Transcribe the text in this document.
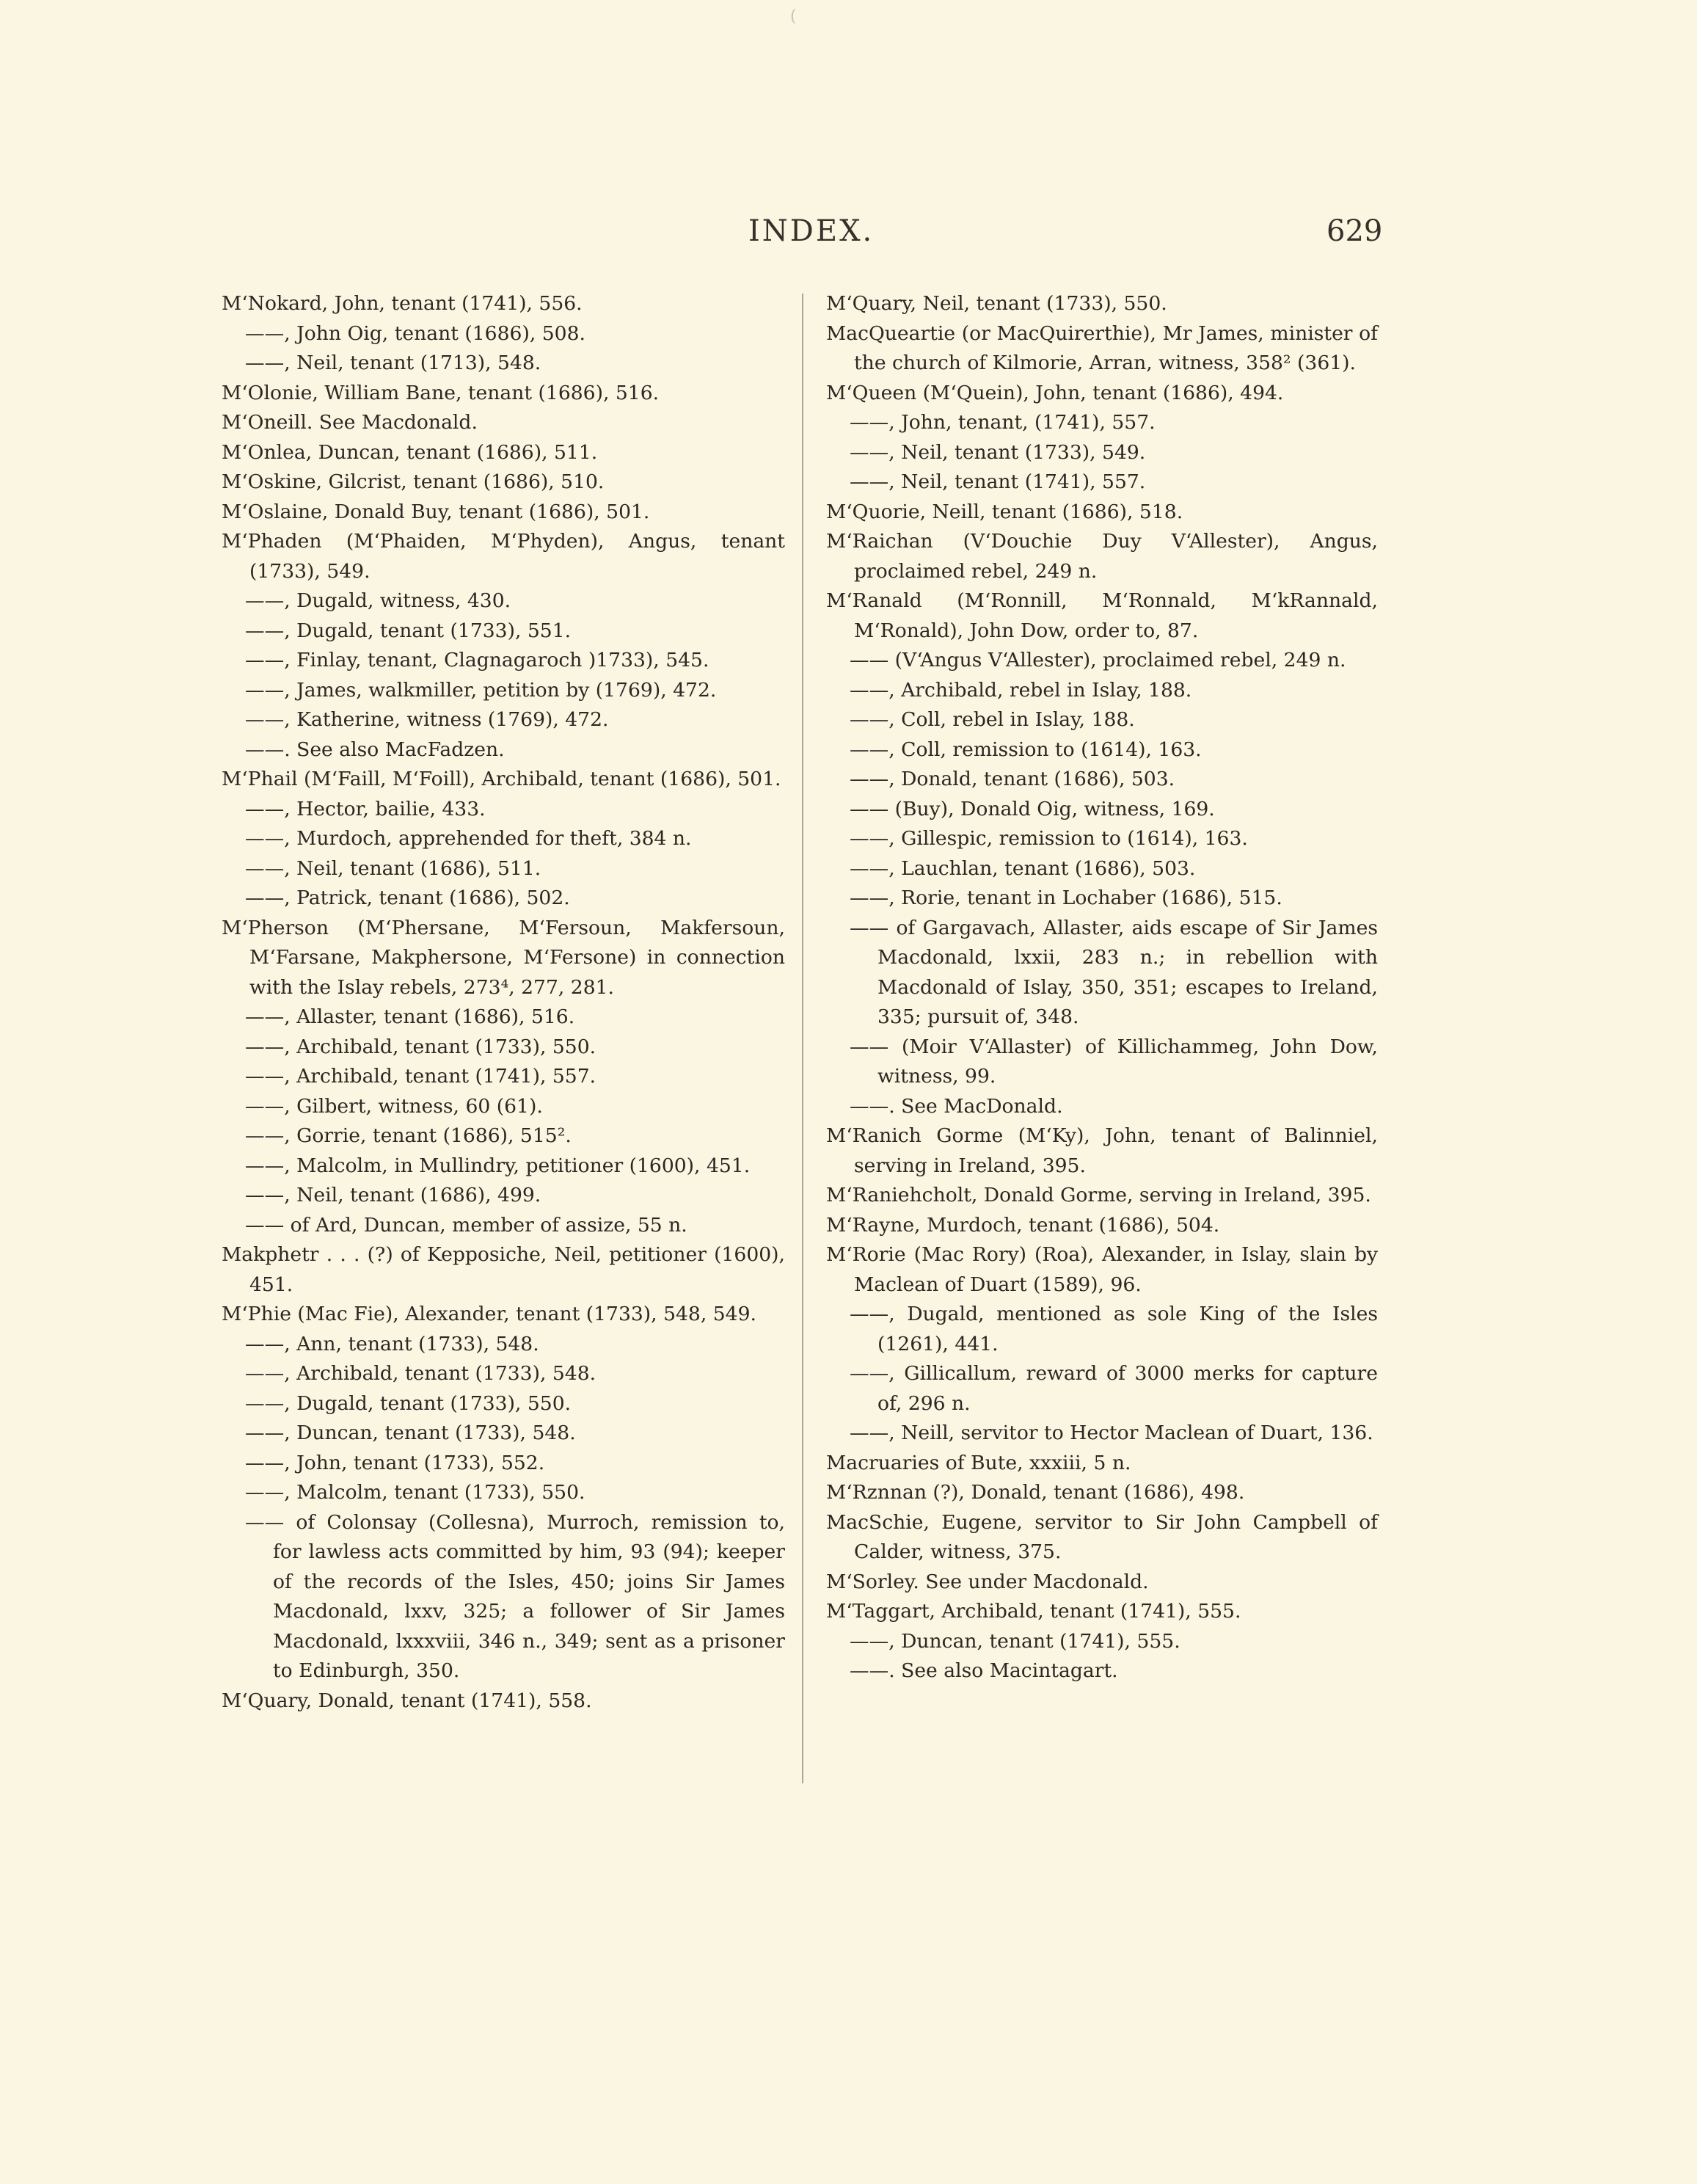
(
INDEX.	629

M‘Nokard, John, tenant (1741), 556.

——, John Oig, tenant (1686), 508.

——, Neil, tenant (1713), 548.

M‘Olonie, William Bane, tenant (1686), 516.

M‘Oneill. See Macdonald.

M‘Onlea, Duncan, tenant (1686), 511.

M‘Oskine, Gilcrist, tenant (1686), 510.

M‘Oslaine, Donald Buy, tenant (1686), 501.

M‘Phaden (M‘Phaiden, M‘Phyden), Angus, tenant (1733), 549.

——, Dugald, witness, 430.

——, Dugald, tenant (1733), 551.

——, Finlay, tenant, Clagnagaroch )1733), 545.

——, James, walkmiller, petition by (1769), 472.

——, Katherine, witness (1769), 472.

——. See also MacFadzen.

M‘Phail (M‘Faill, M‘Foill), Archibald, tenant (1686), 501.

——, Hector, bailie, 433.

——, Murdoch, apprehended for theft, 384 n.

——, Neil, tenant (1686), 511.

——, Patrick, tenant (1686), 502.

M‘Pherson (M‘Phersane, M‘Fersoun, Makfersoun, M‘Farsane, Makphersone, M‘Fersone) in connection with the Islay rebels, 273⁴, 277, 281.

——, Allaster, tenant (1686), 516.

——, Archibald, tenant (1733), 550.

——, Archibald, tenant (1741), 557.

——, Gilbert, witness, 60 (61).

——, Gorrie, tenant (1686), 515².

——, Malcolm, in Mullindry, petitioner (1600), 451.

——, Neil, tenant (1686), 499.

—— of Ard, Duncan, member of assize, 55 n.

Makphetr . . . (?) of Kepposiche, Neil, petitioner (1600), 451.

M‘Phie (Mac Fie), Alexander, tenant (1733), 548, 549.

——, Ann, tenant (1733), 548.

——, Archibald, tenant (1733), 548.

——, Dugald, tenant (1733), 550.

——, Duncan, tenant (1733), 548.

——, John, tenant (1733), 552.

——, Malcolm, tenant (1733), 550.

—— of Colonsay (Collesna), Murroch, remission to, for lawless acts committed by him, 93 (94); keeper of the records of the Isles, 450; joins Sir James Macdonald, lxxv, 325; a follower of Sir James Macdonald, lxxxviii, 346 n., 349; sent as a prisoner to Edinburgh, 350.

M‘Quary, Donald, tenant (1741), 558.

M‘Quary, Neil, tenant (1733), 550.

MacQueartie (or MacQuirerthie), Mr James, minister of the church of Kilmorie, Arran, witness, 358² (361).

M‘Queen (M‘Quein), John, tenant (1686), 494.

——, John, tenant, (1741), 557.

——, Neil, tenant (1733), 549.

——, Neil, tenant (1741), 557.

M‘Quorie, Neill, tenant (1686), 518.

M‘Raichan (V‘Douchie Duy V‘Allester), Angus, proclaimed rebel, 249 n.

M‘Ranald (M‘Ronnill, M‘Ronnald, M‘kRannald, M‘Ronald), John Dow, order to, 87.

—— (V‘Angus V‘Allester), proclaimed rebel, 249 n.

——, Archibald, rebel in Islay, 188.

——, Coll, rebel in Islay, 188.

——, Coll, remission to (1614), 163.

——, Donald, tenant (1686), 503.

—— (Buy), Donald Oig, witness, 169.

——, Gillespic, remission to (1614), 163.

——, Lauchlan, tenant (1686), 503.

——, Rorie, tenant in Lochaber (1686), 515.

—— of Gargavach, Allaster, aids escape of Sir James Macdonald, lxxii, 283 n.; in rebellion with Macdonald of Islay, 350, 351; escapes to Ireland, 335; pursuit of, 348.

—— (Moir V‘Allaster) of Killichammeg, John Dow, witness, 99.

——. See MacDonald.

M‘Ranich Gorme (M‘Ky), John, tenant of Balinniel, serving in Ireland, 395.

M‘Raniehcholt, Donald Gorme, serving in Ireland, 395.

M‘Rayne, Murdoch, tenant (1686), 504.

M‘Rorie (Mac Rory) (Roa), Alexander, in Islay, slain by Maclean of Duart (1589), 96.

——, Dugald, mentioned as sole King of the Isles (1261), 441.

——, Gillicallum, reward of 3000 merks for capture of, 296 n.

——, Neill, servitor to Hector Maclean of Duart, 136.

Macruaries of Bute, xxxiii, 5 n.

M‘Rznnan (?), Donald, tenant (1686), 498.

MacSchie, Eugene, servitor to Sir John Campbell of Calder, witness, 375.

M‘Sorley. See under Macdonald.

M‘Taggart, Archibald, tenant (1741), 555.

——, Duncan, tenant (1741), 555.

——. See also Macintagart.
